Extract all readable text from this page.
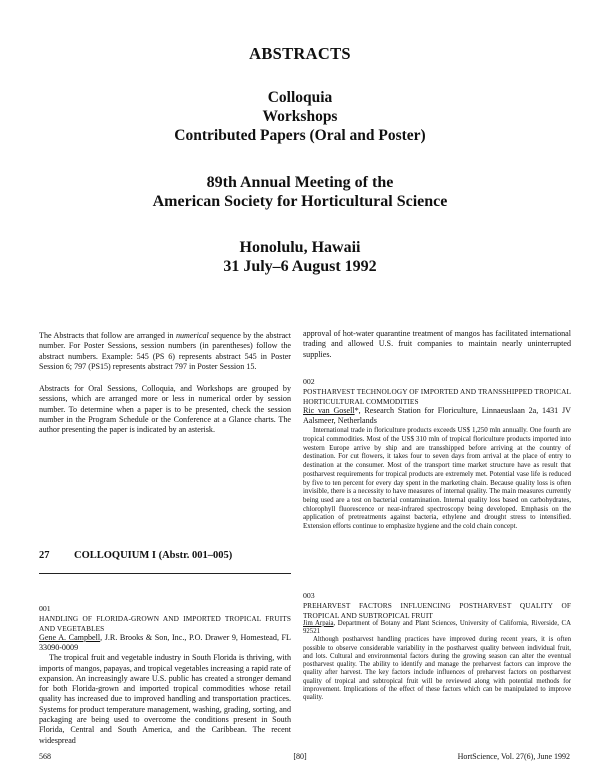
ABSTRACTS
Colloquia
Workshops
Contributed Papers (Oral and Poster)
89th Annual Meeting of the
American Society for Horticultural Science
Honolulu, Hawaii
31 July–6 August 1992

The Abstracts that follow are arranged in numerical sequence by the abstract number. For Poster Sessions, session numbers (in parentheses) follow the abstract numbers. Example: 545 (PS 6) represents abstract 545 in Poster Session 6; 797 (PS15) represents abstract 797 in Poster Session 15.

Abstracts for Oral Sessions, Colloquia, and Workshops are grouped by sessions, which are arranged more or less in numerical order by session number. To determine when a paper is to be presented, check the session number in the Program Schedule or the Conference at a Glance charts. The author presenting the paper is indicated by an asterisk.

27 COLLOQUIUM I (Abstr. 001–005)
001
HANDLING OF FLORIDA-GROWN AND IMPORTED TROPICAL FRUITS AND VEGETABLES
Gene A. Campbell, J.R. Brooks & Son, Inc., P.O. Drawer 9, Homestead, FL 33090-0009

The tropical fruit and vegetable industry in South Florida is thriving, with imports of mangos, papayas, and tropical vegetables increasing a rapid rate of expansion. An increasingly aware U.S. public has created a stronger demand for both Florida-grown and imported tropical commodities whose retail quality has increased due to improved handling and transportation practices. Systems for product temperature management, washing, grading, sorting, and packaging are being used to overcome the conditions present in South Florida, Central and South America, and the Caribbean. The recent widespread

approval of hot-water quarantine treatment of mangos has facilitated international trading and allowed U.S. fruit companies to maintain nearly uninterrupted supplies.

002
POSTHARVEST TECHNOLOGY OF IMPORTED AND TRANSSHIPPED TROPICAL HORTICULTURAL COMMODITIES
Ric van Gosell*, Research Station for Floriculture, Linnaeuslaan 2a, 1431 JV Aalsmeer, Netherlands

International trade in floriculture products exceeds US$ 1,250 mln annually. One fourth are tropical commodities. Most of the US$ 310 mln of tropical floriculture products imported into western Europe arrive by ship and are transshipped before arriving at the country of destination. For cut flowers, it takes four to seven days from arrival at the place of entry to destination at the consumer. Most of the transport time market structure have as result that postharvest requirements for tropical products are extremely met. Potential vase life is reduced by five to ten percent for every day spent in the marketing chain. Because quality loss is often invisible, there is a necessity to have measures of internal quality. The main measures currently being used are a test on bacterial contamination. Internal quality loss based on carbohydrates, chlorophyll fluorescence or near-infrared spectroscopy being developed. Emphasis on the application of pretreatments against bacteria, ethylene and drought stress to intensified. Extension efforts continue to emphasize hygiene and the cold chain concept.

003
PREHARVEST FACTORS INFLUENCING POSTHARVEST QUALITY OF TROPICAL AND SUBTROPICAL FRUIT
Jim Arpaia, Department of Botany and Plant Sciences, University of California, Riverside, CA 92521

Although postharvest handling practices have improved during recent years, it is often possible to observe considerable variability in the postharvest quality between individual fruit, and lots. Cultural and environmental factors during the growing season can alter the eventual postharvest quality. The ability to identify and manage the preharvest factors can improve the quality after harvest. The key factors include influences of preharvest factors on postharvest quality of tropical and subtropical fruit will be reviewed along with potential methods for improvement. Implications of the effect of these factors which can be manipulated to improve quality.

568	[80]	HortScience, Vol. 27(6), June 1992
